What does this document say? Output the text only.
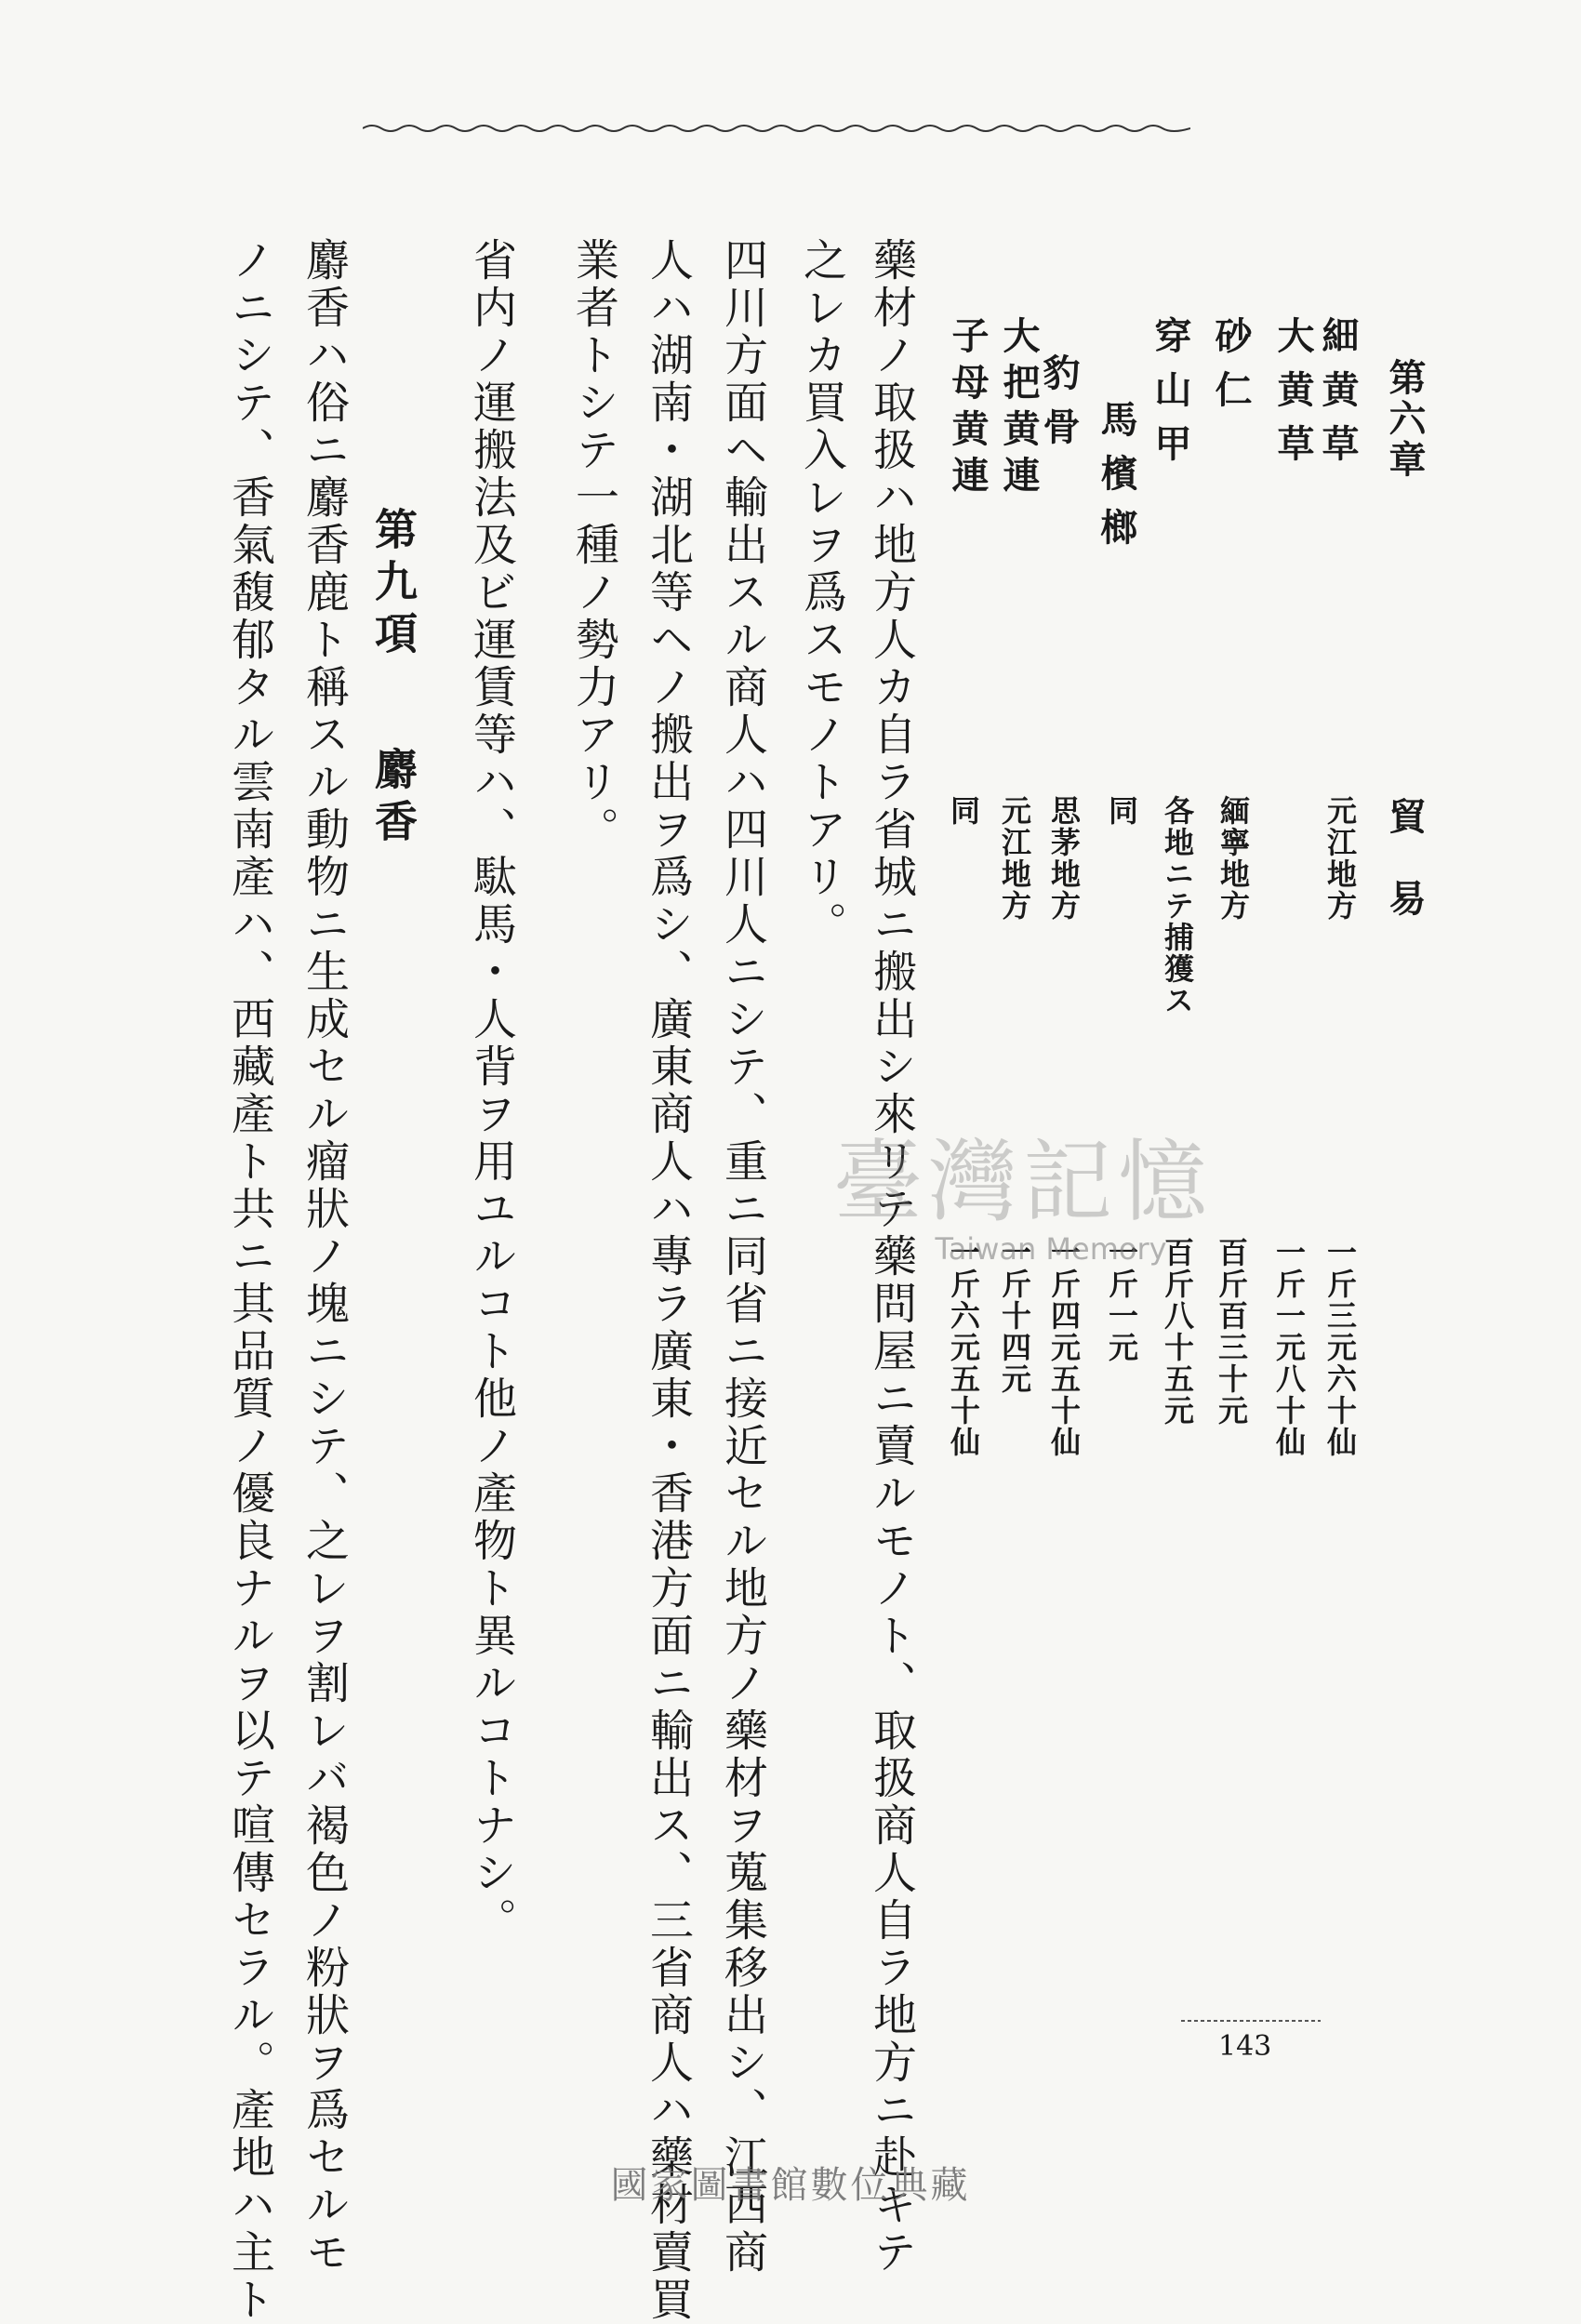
第六章貿　易
細黄草
大黄草
砂仁
穿山甲
馬檳榔
豹骨
大把黄連
子母黄連
元江地方
緬寧地方
各地ニテ捕獲ス
同
思茅地方
元江地方
同
一斤三元六十仙
一斤一元八十仙
百斤百三十元
百斤八十五元
一斤一元
一斤四元五十仙
一斤十四元
一斤六元五十仙
藥材ノ取扱ハ地方人カ自ラ省城ニ搬出シ來リテ藥問屋ニ賣ルモノト、取扱商人自ラ地方ニ赴キテ
之レカ買入レヲ爲スモノトアリ。
四川方面ヘ輸出スル商人ハ四川人ニシテ、重ニ同省ニ接近セル地方ノ藥材ヲ蒐集移出シ、江西商
人ハ湖南・湖北等ヘノ搬出ヲ爲シ、廣東商人ハ專ラ廣東・香港方面ニ輸出ス、三省商人ハ藥材賣買
業者トシテ一種ノ勢力アリ。
省内ノ運搬法及ビ運賃等ハ、駄馬・人背ヲ用ユルコト他ノ產物ト異ルコトナシ。
第九項麝香
麝香ハ俗ニ麝香鹿ト稱スル動物ニ生成セル瘤狀ノ塊ニシテ、之レヲ割レバ褐色ノ粉狀ヲ爲セルモ
ノニシテ、香氣馥郁タル雲南產ハ、西藏產ト共ニ其品質ノ優良ナルヲ以テ喧傳セラル。產地ハ主ト	臺灣記憶
Taiwan Memory
143
國家圖書館數位典藏
